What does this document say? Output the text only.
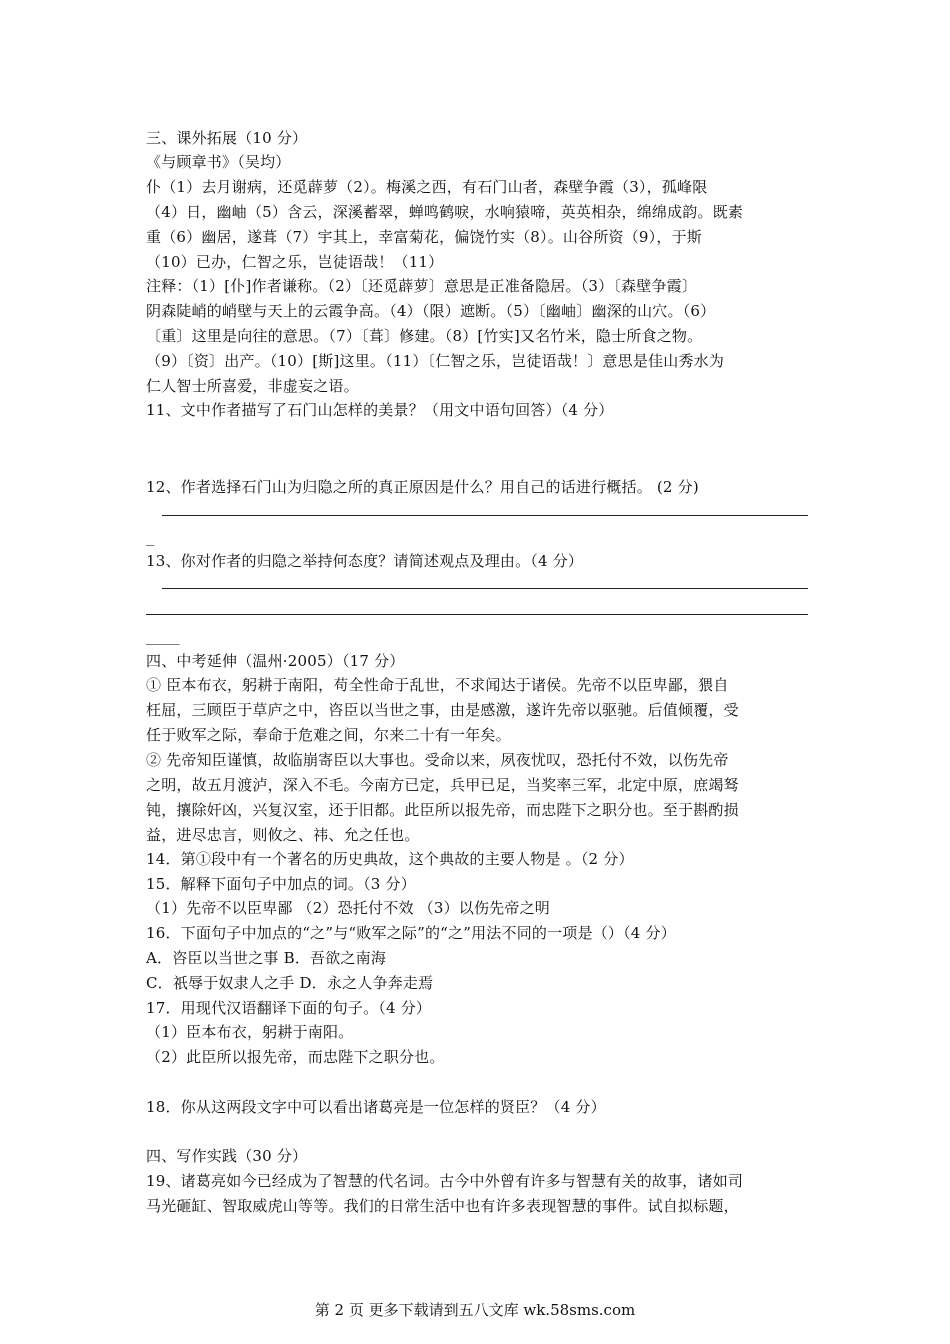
三、课外拓展（10 分）
《与顾章书》（吴均）
仆（1）去月谢病，还觅薜萝（2）。梅溪之西，有石门山者，森壁争霞（3），孤峰限
（4）日，幽岫（5）含云，深溪蓄翠，蝉鸣鹤唳，水响猿啼，英英相杂，绵绵成韵。既素
重（6）幽居，遂葺（7）宇其上，幸富菊花，偏饶竹实（8）。山谷所资（9），于斯
（10）已办，仁智之乐，岂徒语哉！（11）
注释：（1）[仆]作者谦称。（2）〔还觅薜萝〕意思是正准备隐居。（3）〔森壁争霞〕
阴森陡峭的峭壁与天上的云霞争高。（4）（限）遮断。（5）〔幽岫〕幽深的山穴。（6）
〔重〕这里是向往的意思。（7）〔葺〕修建。（8）[竹实]又名竹米，隐士所食之物。
（9）〔资〕出产。（10）[斯]这里。（11）〔仁智之乐，岂徒语哉！〕意思是佳山秀水为
仁人智士所喜爱，非虚妄之语。
11、文中作者描写了石门山怎样的美景？（用文中语句回答）（4 分）
12、作者选择石门山为归隐之所的真正原因是什么？用自己的话进行概括。 (2 分)
_
13、你对作者的归隐之举持何态度？请简述观点及理由。（4 分）
____
四、中考延伸（温州·2005）（17 分）
① 臣本布衣，躬耕于南阳，苟全性命于乱世，不求闻达于诸侯。先帝不以臣卑鄙，猥自
枉屈，三顾臣于草庐之中，咨臣以当世之事，由是感激，遂许先帝以驱驰。后值倾覆，受
任于败军之际，奉命于危难之间，尔来二十有一年矣。
② 先帝知臣谨慎，故临崩寄臣以大事也。受命以来，夙夜忧叹，恐托付不效，以伤先帝
之明，故五月渡泸，深入不毛。今南方已定，兵甲已足，当奖率三军，北定中原，庶竭驽
钝，攘除奸凶，兴复汉室，还于旧都。此臣所以报先帝，而忠陛下之职分也。至于斟酌损
益，进尽忠言，则攸之、祎、允之任也。
14．第①段中有一个著名的历史典故，这个典故的主要人物是 。（2 分）
15．解释下面句子中加点的词。（3 分）
（1）先帝不以臣卑鄙 （2）恐托付不效 （3）以伤先帝之明
16．下面句子中加点的“之”与“败军之际”的“之”用法不同的一项是（）（4 分）
A．咨臣以当世之事 B．吾欲之南海
C．祇辱于奴隶人之手 D．永之人争奔走焉
17．用现代汉语翻译下面的句子。（4 分）
（1）臣本布衣，躬耕于南阳。
（2）此臣所以报先帝，而忠陛下之职分也。
18．你从这两段文字中可以看出诸葛亮是一位怎样的贤臣？（4 分）
四、写作实践（30 分）
19、诸葛亮如今已经成为了智慧的代名词。古今中外曾有许多与智慧有关的故事，诸如司
马光砸缸、智取威虎山等等。我们的日常生活中也有许多表现智慧的事件。试自拟标题，
第 2 页 更多下载请到五八文库 wk.58sms.com
